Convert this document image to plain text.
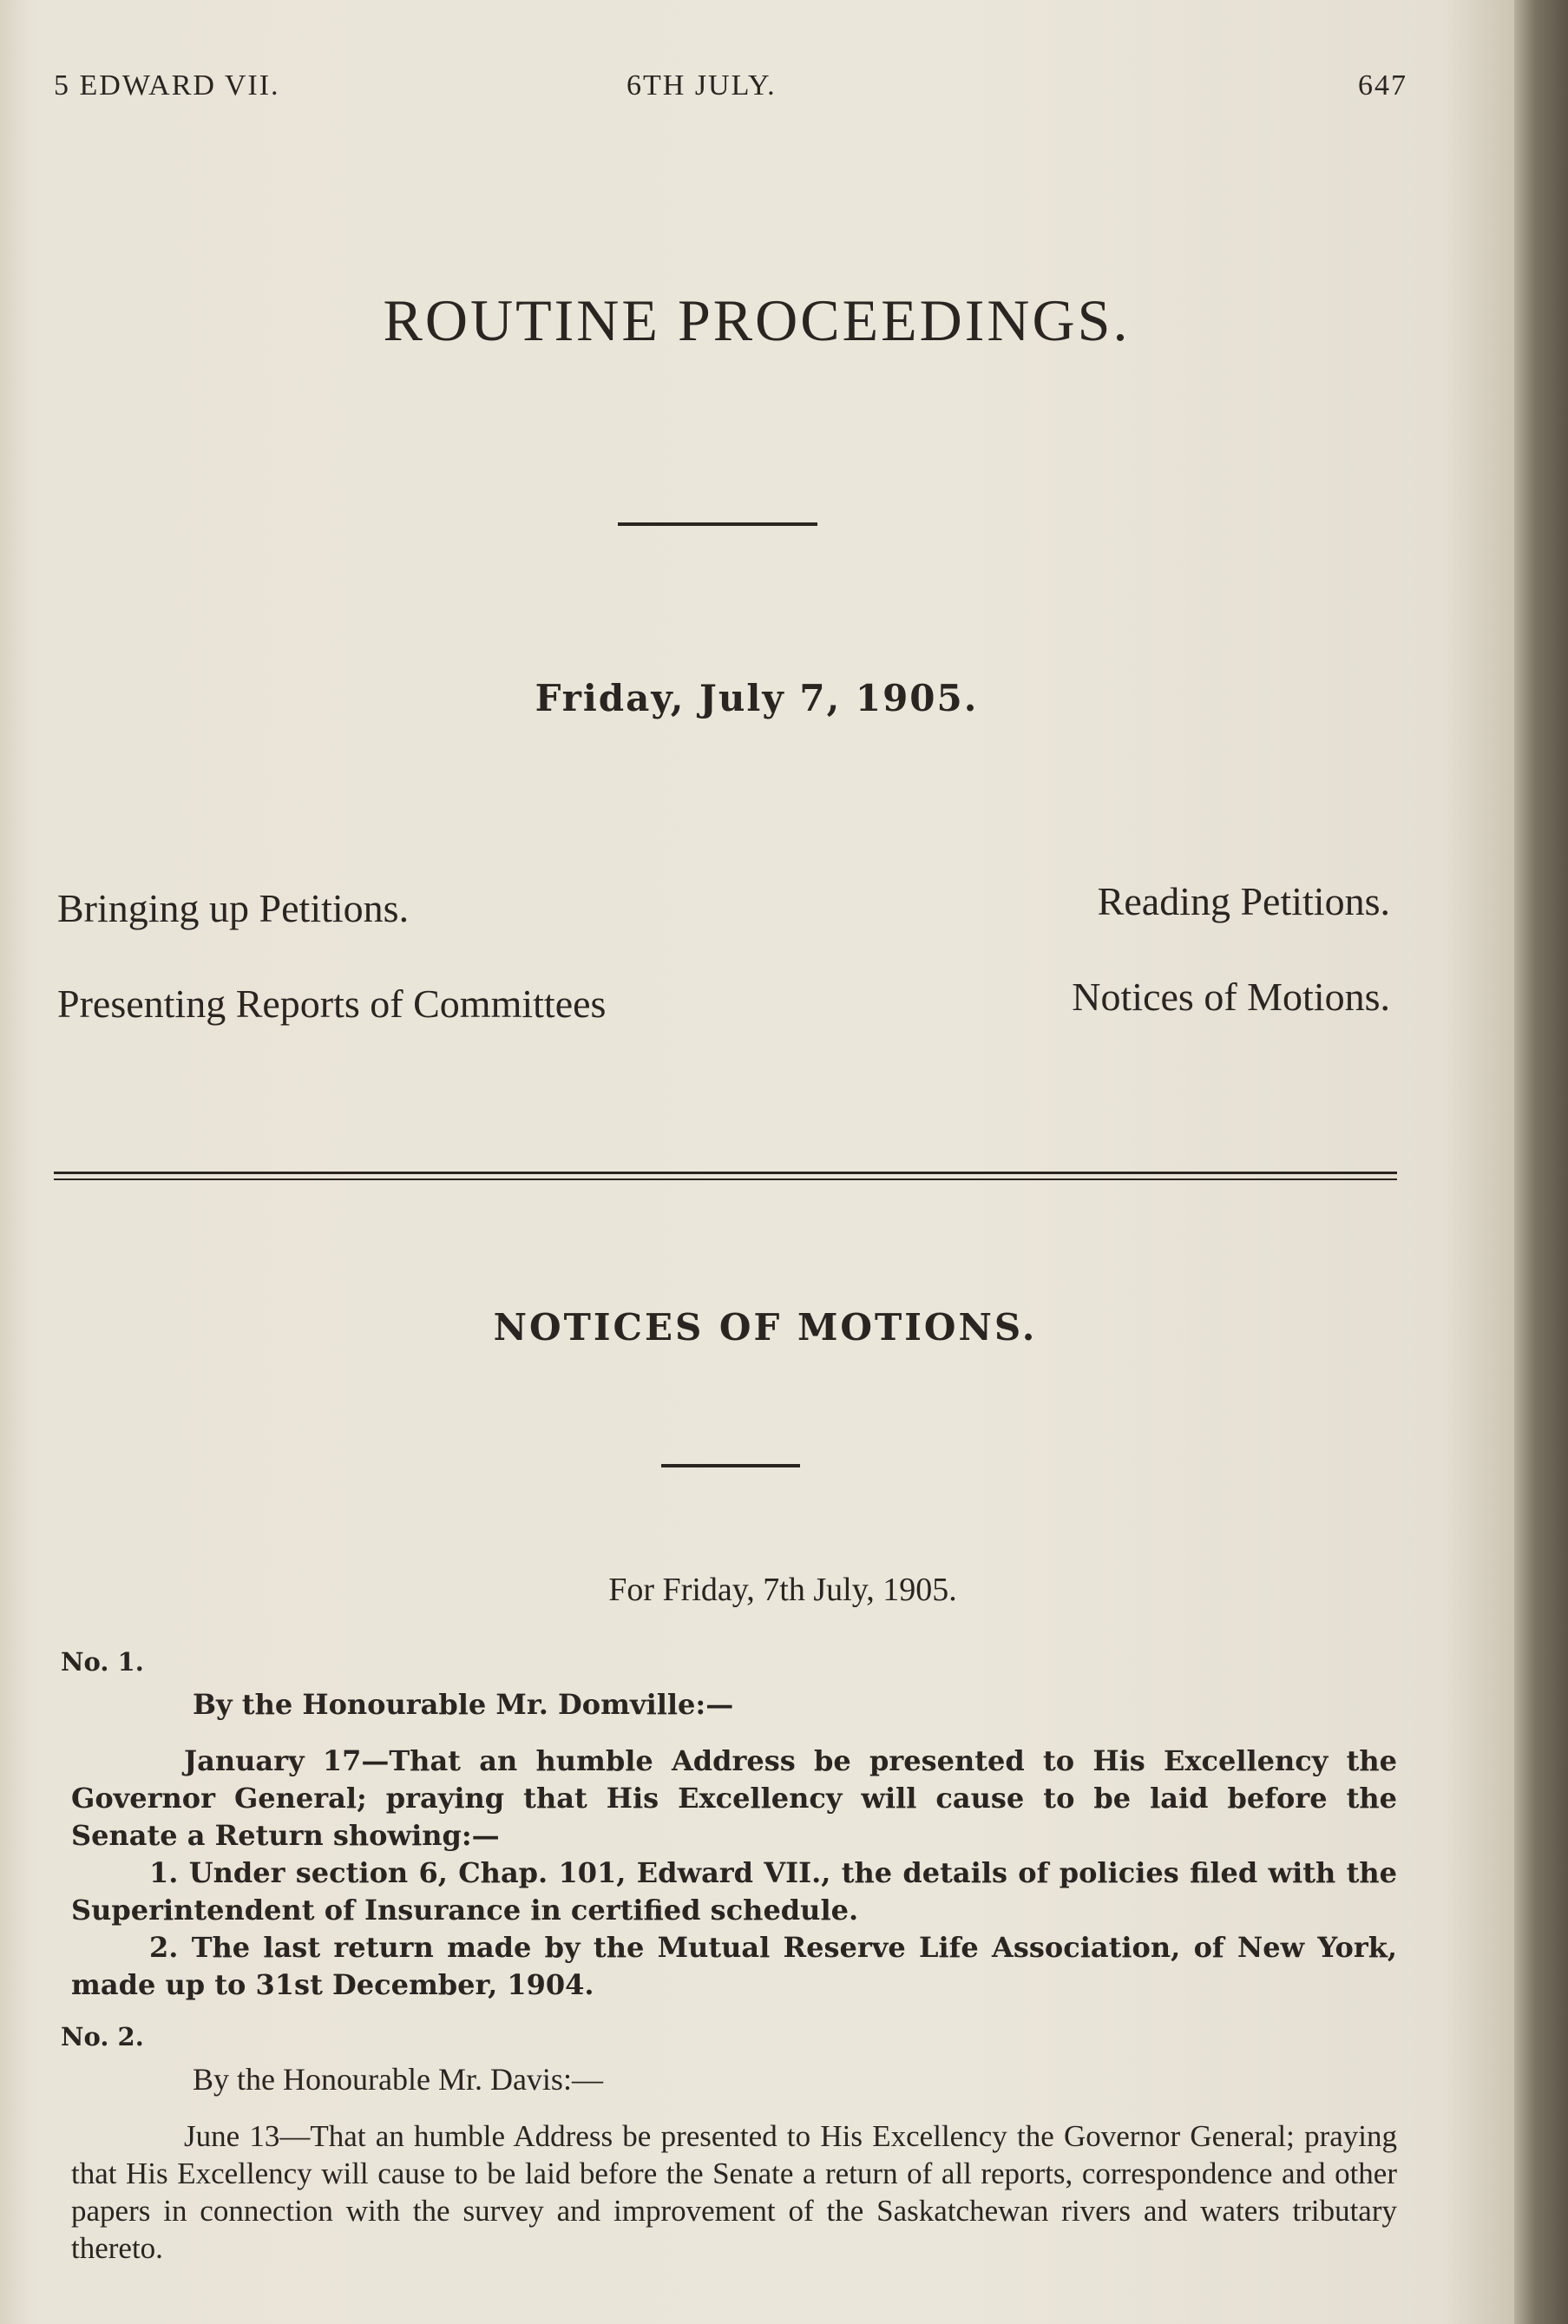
5 EDWARD VII.	6TH JULY.	647
ROUTINE PROCEEDINGS.
Friday, July 7, 1905.
Bringing up Petitions.	Reading Petitions.
Presenting Reports of Committees	Notices of Motions.
NOTICES OF MOTIONS.
For Friday, 7th July, 1905.
No. 1.
By the Honourable Mr. Domville:—
January 17—That an humble Address be presented to His Excellency the Governor General; praying that His Excellency will cause to be laid before the Senate a Return showing:—
1. Under section 6, Chap. 101, Edward VII., the details of policies filed with the Superintendent of Insurance in certified schedule.
2. The last return made by the Mutual Reserve Life Association, of New York, made up to 31st December, 1904.
No. 2.
By the Honourable Mr. Davis:—
June 13—That an humble Address be presented to His Excellency the Governor General; praying that His Excellency will cause to be laid before the Senate a return of all reports, correspondence and other papers in connection with the survey and improvement of the Saskatchewan rivers and waters tributary thereto.
